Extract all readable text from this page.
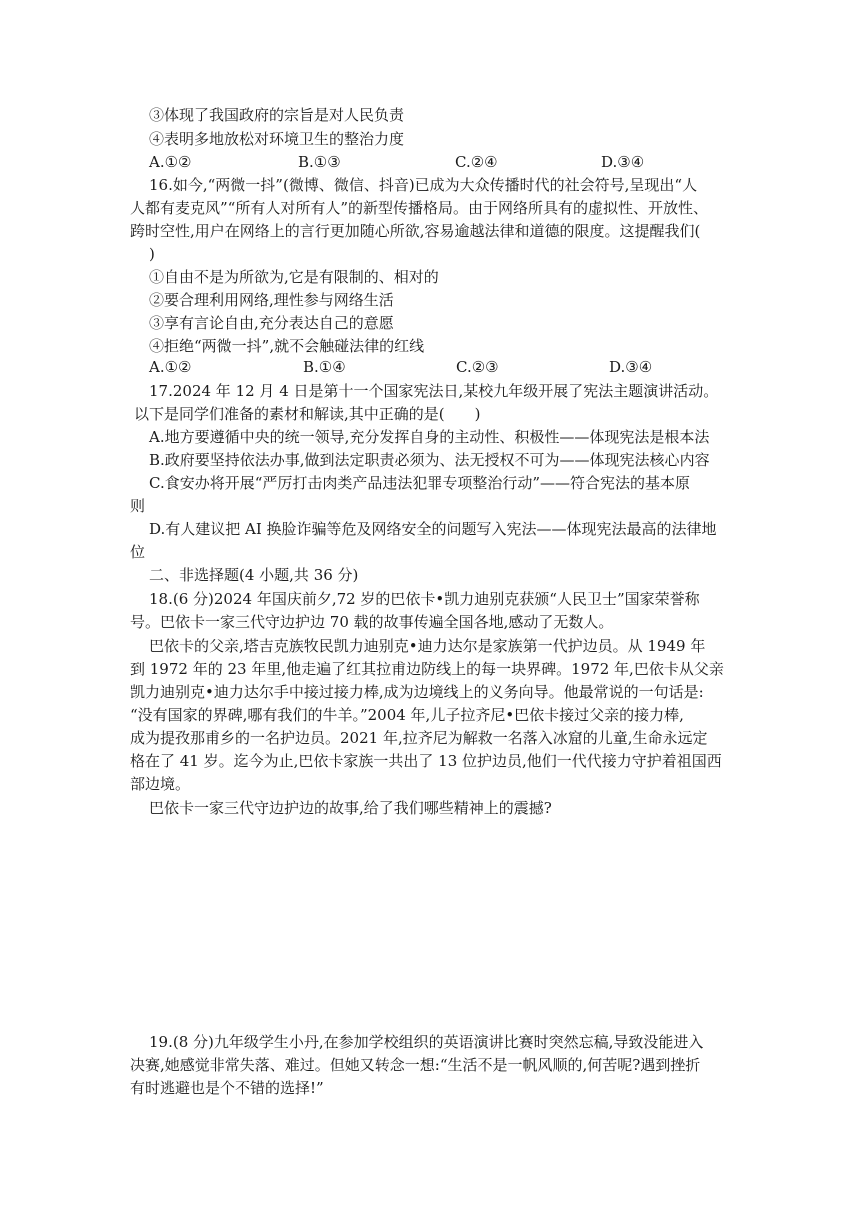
③体现了我国政府的宗旨是对人民负责
④表明多地放松对环境卫生的整治力度
A.①②	B.①③	C.②④	D.③④
16.如今,“两微一抖”(微博、微信、抖音)已成为大众传播时代的社会符号,呈现出“人
人都有麦克风”“所有人对所有人”的新型传播格局。由于网络所具有的虚拟性、开放性、
跨时空性,用户在网络上的言行更加随心所欲,容易逾越法律和道德的限度。这提醒我们(
)
①自由不是为所欲为,它是有限制的、相对的
②要合理利用网络,理性参与网络生活
③享有言论自由,充分表达自己的意愿
④拒绝“两微一抖”,就不会触碰法律的红线
A.①②	B.①④	C.②③	D.③④
17.2024 年 12 月 4 日是第十一个国家宪法日,某校九年级开展了宪法主题演讲活动。
以下是同学们准备的素材和解读,其中正确的是(　　)
A.地方要遵循中央的统一领导,充分发挥自身的主动性、积极性——体现宪法是根本法
B.政府要坚持依法办事,做到法定职责必须为、法无授权不可为——体现宪法核心内容
C.食安办将开展“严厉打击肉类产品违法犯罪专项整治行动”——符合宪法的基本原
则
D.有人建议把 AI 换脸诈骗等危及网络安全的问题写入宪法——体现宪法最高的法律地
位
二、非选择题(4 小题,共 36 分)
18.(6 分)2024 年国庆前夕,72 岁的巴依卡•凯力迪别克获颁“人民卫士”国家荣誉称
号。巴依卡一家三代守边护边 70 载的故事传遍全国各地,感动了无数人。
巴依卡的父亲,塔吉克族牧民凯力迪别克•迪力达尔是家族第一代护边员。从 1949 年
到 1972 年的 23 年里,他走遍了红其拉甫边防线上的每一块界碑。1972 年,巴依卡从父亲
凯力迪别克•迪力达尔手中接过接力棒,成为边境线上的义务向导。他最常说的一句话是:
“没有国家的界碑,哪有我们的牛羊。”2004 年,儿子拉齐尼•巴依卡接过父亲的接力棒,
成为提孜那甫乡的一名护边员。2021 年,拉齐尼为解救一名落入冰窟的儿童,生命永远定
格在了 41 岁。迄今为止,巴依卡家族一共出了 13 位护边员,他们一代代接力守护着祖国西
部边境。
巴依卡一家三代守边护边的故事,给了我们哪些精神上的震撼?
19.(8 分)九年级学生小丹,在参加学校组织的英语演讲比赛时突然忘稿,导致没能进入
决赛,她感觉非常失落、难过。但她又转念一想:“生活不是一帆风顺的,何苦呢?遇到挫折
有时逃避也是个不错的选择!”
